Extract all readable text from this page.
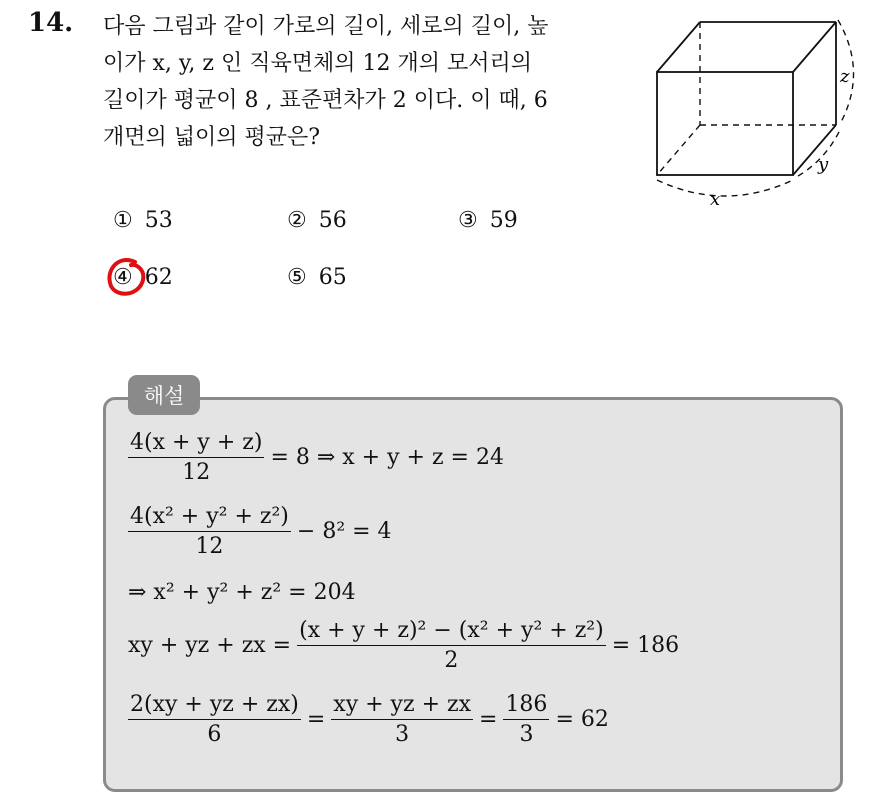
14. 다음 그림과 같이 가로의 길이, 세로의 길이, 높
이가 x, y, z 인 직육면체의 12 개의 모서리의
길이가 평균이 8 , 표준편차가 2 이다. 이 때, 6
개면의 넓이의 평균은?
x
y
z
① 53	② 56	③ 59
④ 62	⑤ 65
해설
$\frac{4(x + y + z)}{12} = 8$ ⇒ x + y + z = 24
$\frac{\text{4(x² + y² + z²)}}{12} - 8^2 = 4$
⇒ x² + y² + z² = 204
xy + yz + zx = $\frac{\text{(x + y + z)² − (x² + y² + z²)}}{2} = 186$
$\frac{2(xy + yz + zx)}{6} = \frac{xy + yz + zx}{3} = \frac{186}{3} = 62$
